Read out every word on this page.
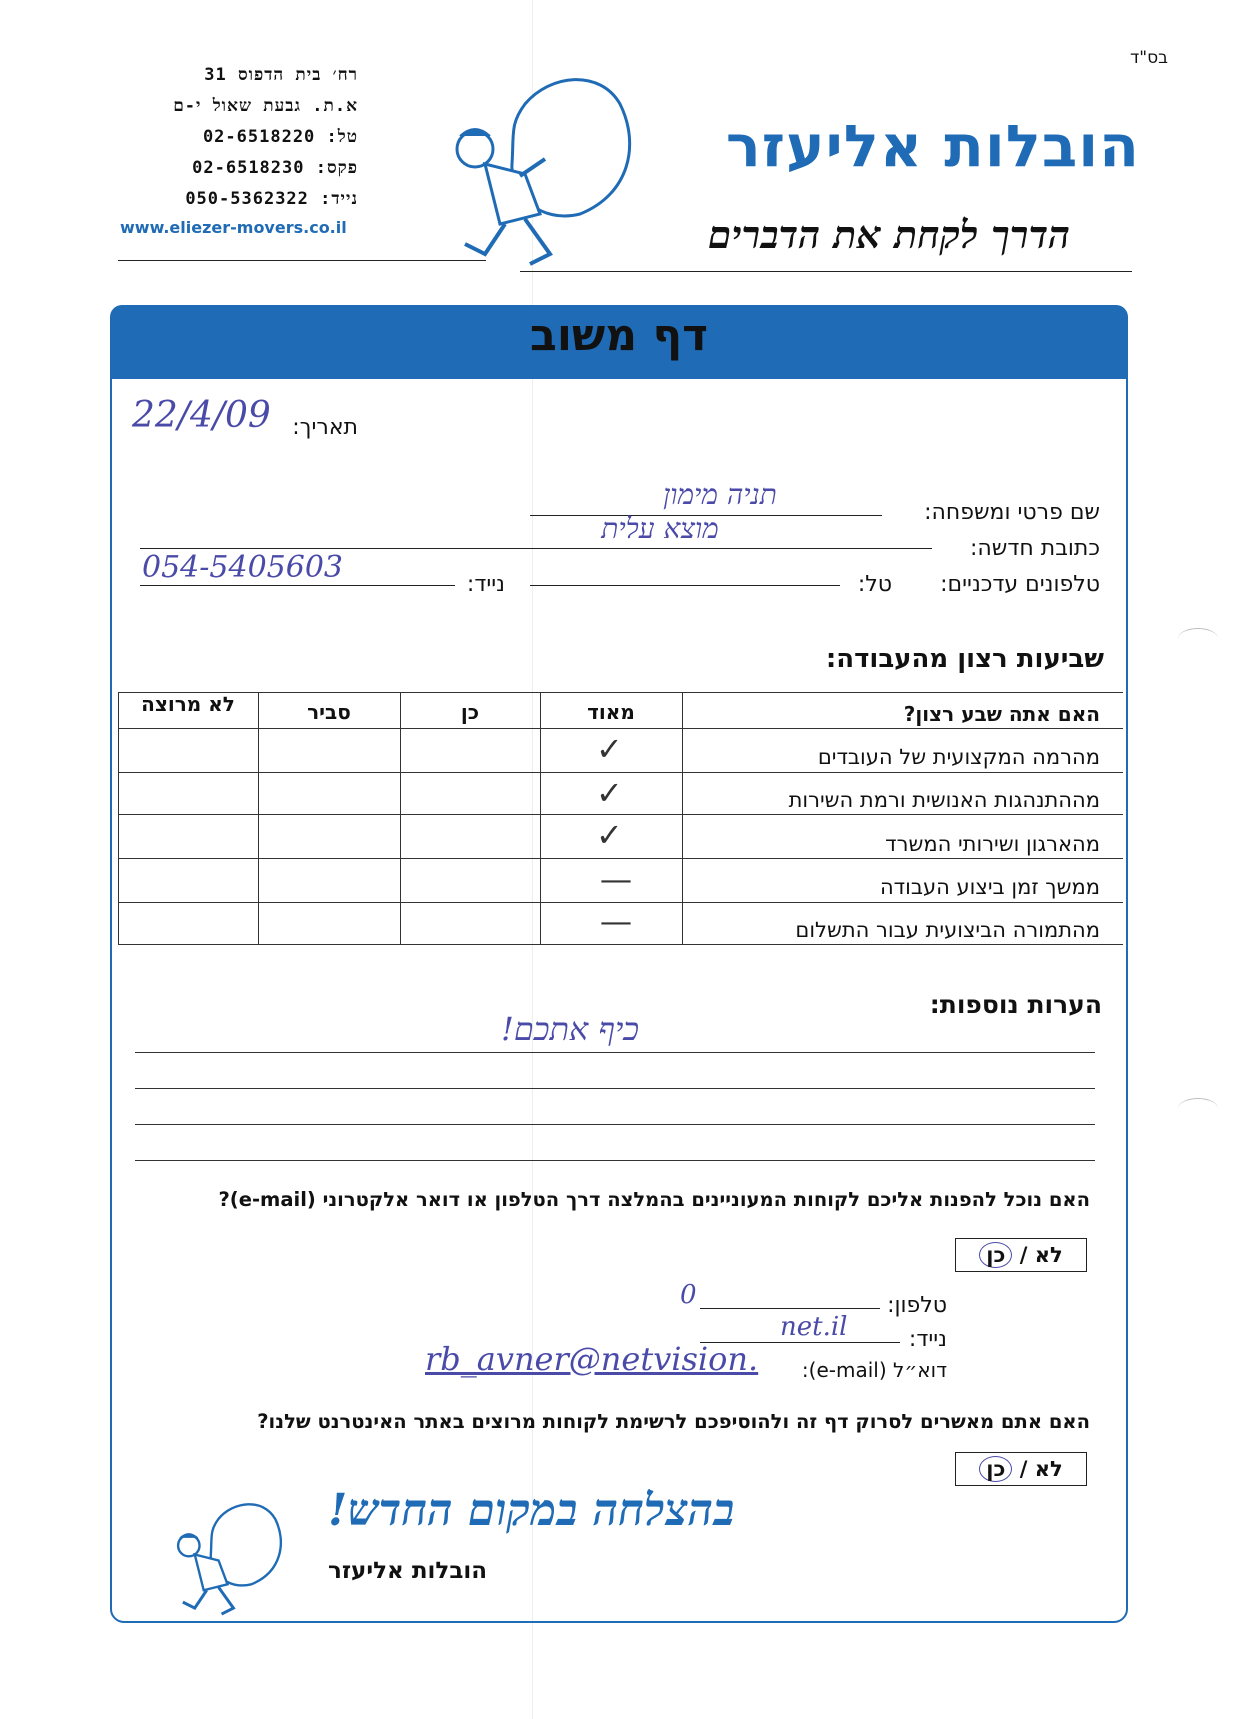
בס"ד
רח׳ בית הדפוס 31
א.ת. גבעת שאול י-ם
טל: 02-6518220
פקס: 02-6518230
נייד: 050-5362322
www.eliezer-movers.co.il
הובלות אליעזר
הדרך לקחת את הדברים
דף משוב
תאריך:
22/4/09
שם פרטי ומשפחה:
תניה מימון
כתובת חדשה:
מוצא עלית
טלפונים עדכניים:
טל:
נייד:
054-5405603
שביעות רצון מהעבודה:
האם אתה שבע רצון?
מאוד
כן
סביר
לא מרוצה
מהרמה המקצועית של העובדים
✓
מההתנהגות האנושית ורמת השירות
✓
מהארגון ושירותי המשרד
✓
ממשך זמן ביצוע העבודה
—
מהתמורה הביצועית עבור התשלום
—
הערות נוספות:
כיף אתכם!
האם נוכל להפנות אליכם לקוחות המעוניינים בהמלצה דרך הטלפון או דואר אלקטרוני (e-mail)?
לא / כן
טלפון:
0
נייד:
net.il
דוא״ל (e-mail):
rb_avner@netvision.
האם אתם מאשרים לסרוק דף זה ולהוסיפכם לרשימת לקוחות מרוצים באתר האינטרנט שלנו?
לא / כן
בהצלחה במקום החדש!
הובלות אליעזר
